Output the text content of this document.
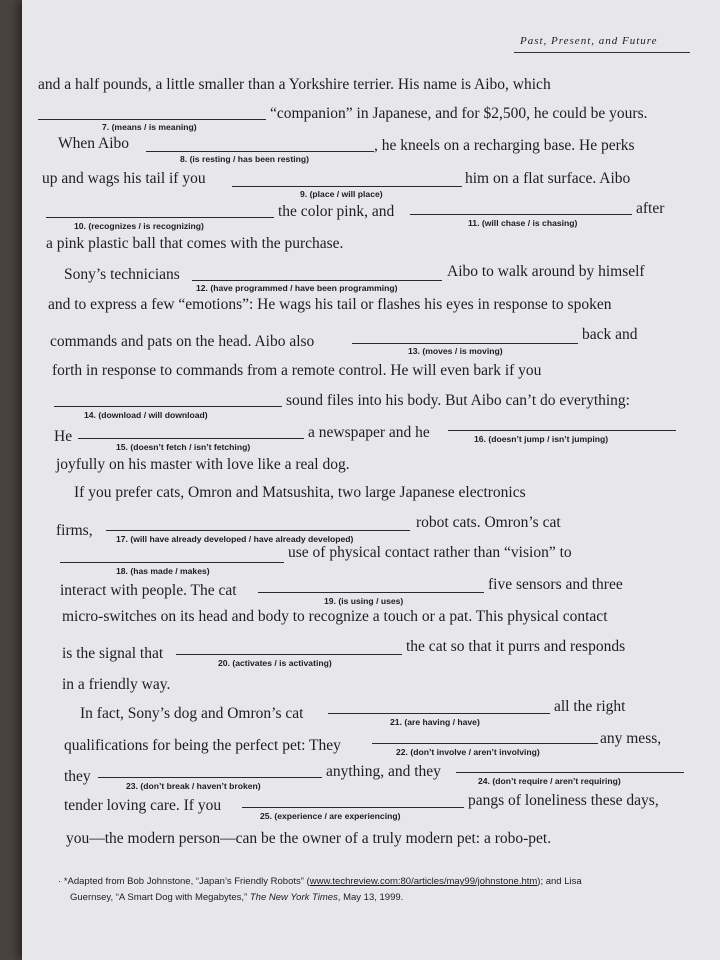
Past, Present, and Future
and a half pounds, a little smaller than a Yorkshire terrier. His name is Aibo, which
7. (means / is meaning)
“companion” in Japanese, and for $2,500, he could be yours.
When Aibo
8. (is resting / has been resting)
, he kneels on a recharging base. He perks
up and wags his tail if you
9. (place / will place)
him on a flat surface. Aibo
10. (recognizes / is recognizing)
the color pink, and
11. (will chase / is chasing)
after
a pink plastic ball that comes with the purchase.
Sony’s technicians
12. (have programmed / have been programming)
Aibo to walk around by himself
and to express a few “emotions”: He wags his tail or flashes his eyes in response to spoken
commands and pats on the head. Aibo also
13. (moves / is moving)
back and
forth in response to commands from a remote control. He will even bark if you
14. (download / will download)
sound files into his body. But Aibo can’t do everything:
He
15. (doesn’t fetch / isn’t fetching)
a newspaper and he	16. (doesn’t jump / isn’t jumping)
joyfully on his master with love like a real dog.
If you prefer cats, Omron and Matsushita, two large Japanese electronics
firms,	17. (will have already developed / have already developed)
robot cats. Omron’s cat
18. (has made / makes)
use of physical contact rather than “vision” to
interact with people. The cat
19. (is using / uses)
five sensors and three
micro-switches on its head and body to recognize a touch or a pat. This physical contact
is the signal that
20. (activates / is activating)
the cat so that it purrs and responds
in a friendly way.
In fact, Sony’s dog and Omron’s cat	21. (are having / have)
all the right
qualifications for being the perfect pet: They	22. (don’t involve / aren’t involving)
any mess,
they
23. (don’t break / haven’t broken)
anything, and they
24. (don’t require / aren’t requiring)
tender loving care. If you
25. (experience / are experiencing)
pangs of loneliness these days,
you—the modern person—can be the owner of a truly modern pet: a robo-pet.
· *Adapted from Bob Johnstone, “Japan’s Friendly Robots” (www.techreview.com:80/articles/may99/johnstone.htm); and Lisa
Guernsey, “A Smart Dog with Megabytes,” The New York Times, May 13, 1999.
